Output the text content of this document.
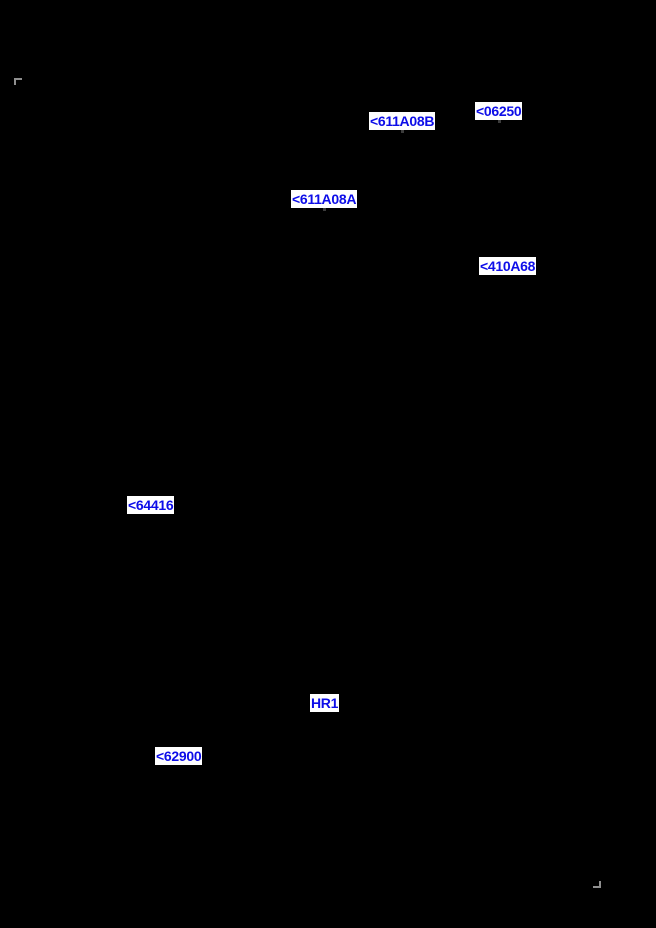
<611A08B
<06250
<611A08A
<410A68
<64416
HR1
<62900
